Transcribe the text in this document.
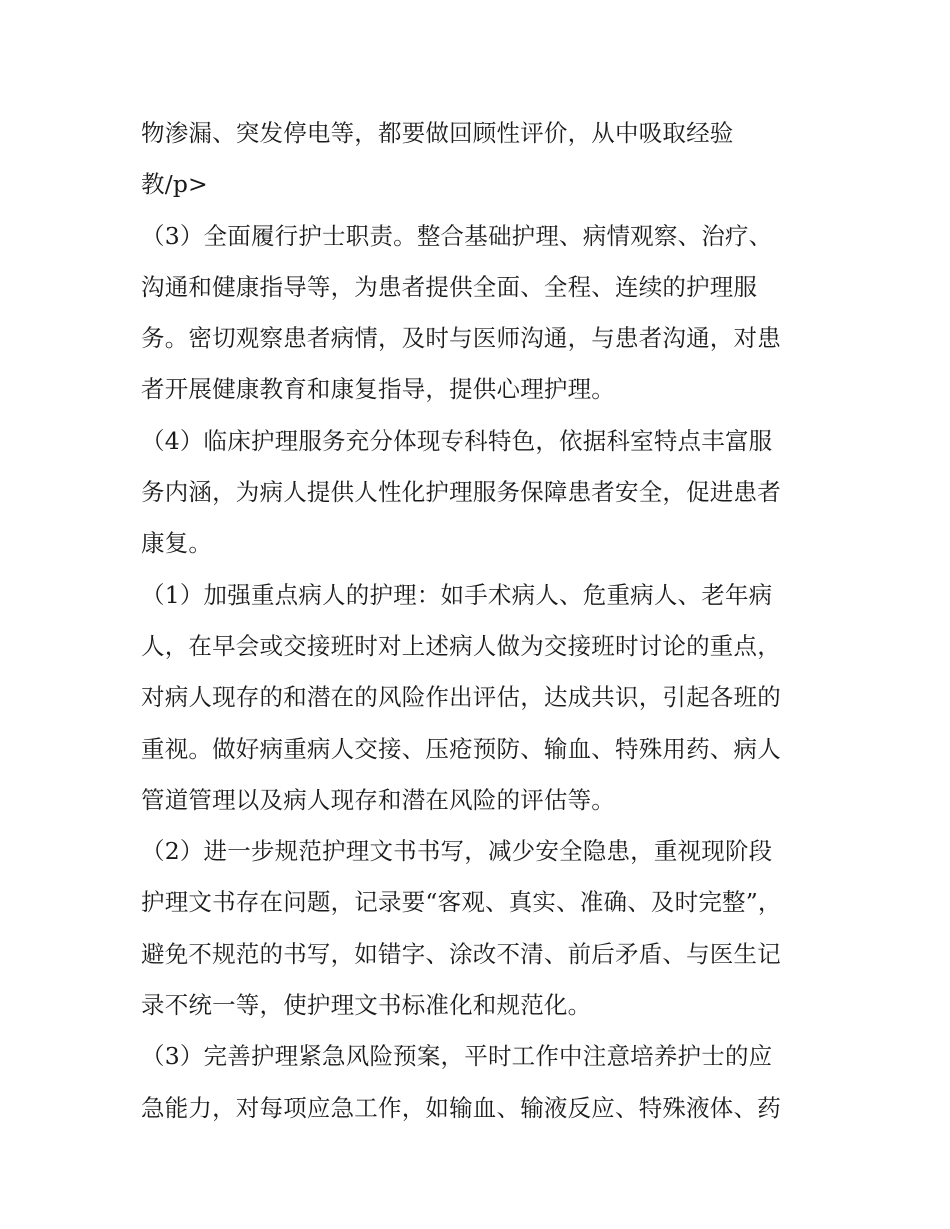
物渗漏、突发停电等，都要做回顾性评价，从中吸取经验
教/p>
（3）全面履行护士职责。整合基础护理、病情观察、治疗、
沟通和健康指导等，为患者提供全面、全程、连续的护理服
务。密切观察患者病情，及时与医师沟通，与患者沟通，对患
者开展健康教育和康复指导，提供心理护理。
（4）临床护理服务充分体现专科特色，依据科室特点丰富服
务内涵，为病人提供人性化护理服务保障患者安全，促进患者
康复。
（1）加强重点病人的护理：如手术病人、危重病人、老年病
人，在早会或交接班时对上述病人做为交接班时讨论的重点，
对病人现存的和潜在的风险作出评估，达成共识，引起各班的
重视。做好病重病人交接、压疮预防、输血、特殊用药、病人
管道管理以及病人现存和潜在风险的评估等。
（2）进一步规范护理文书书写，减少安全隐患，重视现阶段
护理文书存在问题，记录要“客观、真实、准确、及时完整”，
避免不规范的书写，如错字、涂改不清、前后矛盾、与医生记
录不统一等，使护理文书标准化和规范化。
（3）完善护理紧急风险预案，平时工作中注意培养护士的应
急能力，对每项应急工作，如输血、输液反应、特殊液体、药
